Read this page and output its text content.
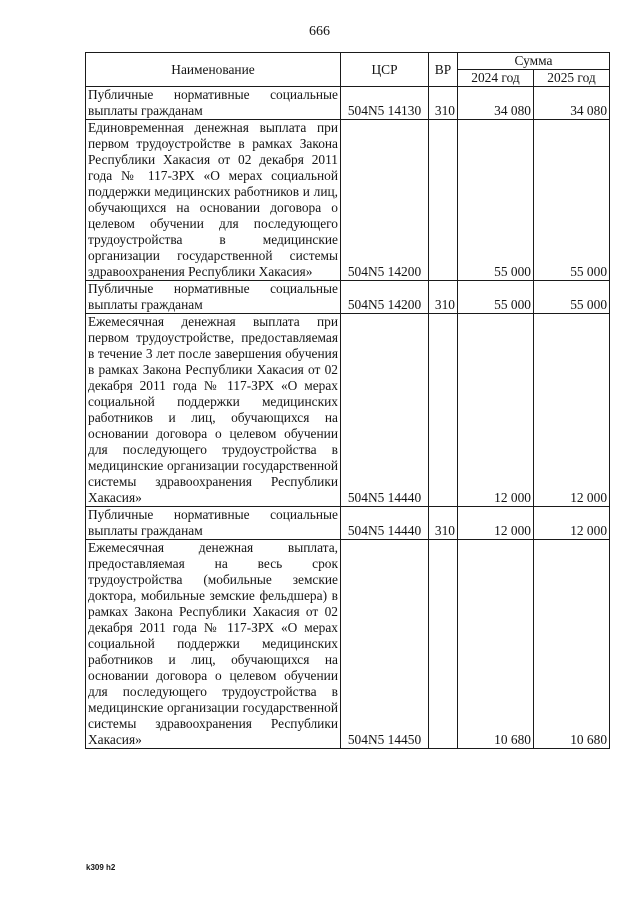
666
Наименование	ЦСР	ВР	Сумма	
			2024 год	2025 год
Публичные нормативные социальные выплаты гражданам	504N5 14130	310	34 080	34 080
Единовременная денежная выплата при первом трудоустройстве в рамках Закона Республики Хакасия от 02 декабря 2011 года № 117-ЗРХ «О мерах социальной поддержки медицинских работников и лиц, обучающихся на основании договора о целевом обучении для последующего трудоустройства в медицинские организации государственной системы здравоохранения Республики Хакасия»	504N5 14200		55 000	55 000
Публичные нормативные социальные выплаты гражданам	504N5 14200	310	55 000	55 000
Ежемесячная денежная выплата при первом трудоустройстве, предоставляемая в течение 3 лет после завершения обучения в рамках Закона Республики Хакасия от 02 декабря 2011 года № 117-ЗРХ «О мерах социальной поддержки медицинских работников и лиц, обучающихся на основании договора о целевом обучении для последующего трудоустройства в медицинские организации государственной системы здравоохранения Республики Хакасия»	504N5 14440		12 000	12 000
Публичные нормативные социальные выплаты гражданам	504N5 14440	310	12 000	12 000
Ежемесячная денежная выплата, предоставляемая на весь срок трудоустройства (мобильные земские доктора, мобильные земские фельдшера) в рамках Закона Республики Хакасия от 02 декабря 2011 года № 117-ЗРХ «О мерах социальной поддержки медицинских работников и лиц, обучающихся на основании договора о целевом обучении для последующего трудоустройства в медицинские организации государственной системы здравоохранения Республики Хакасия»	504N5 14450		10 680	10 680
k309 h2
